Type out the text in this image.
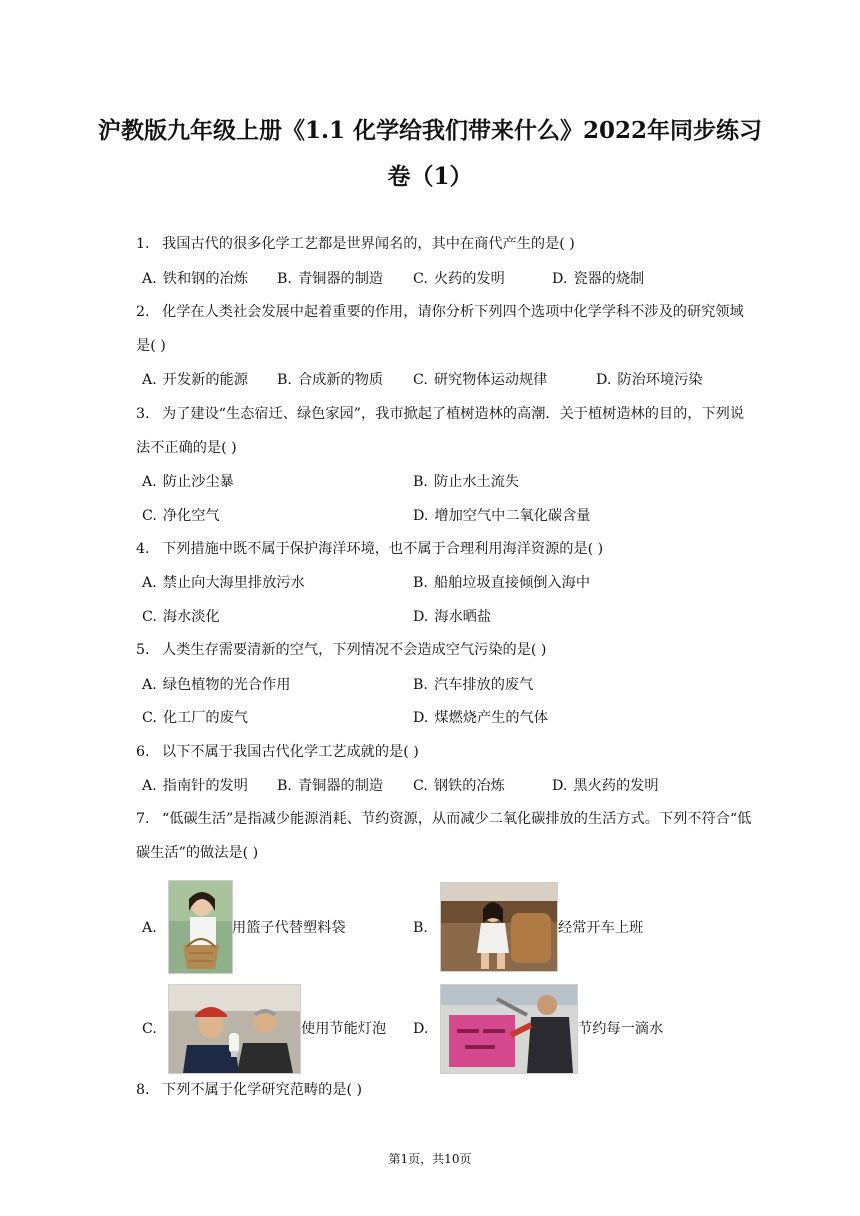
沪教版九年级上册《1.1 化学给我们带来什么》2022年同步练习卷（1）
1. 我国古代的很多化学工艺都是世界闻名的，其中在商代产生的是( )
A. 铁和钢的冶炼 B. 青铜器的制造 C. 火药的发明	D. 瓷器的烧制
2. 化学在人类社会发展中起着重要的作用，请你分析下列四个选项中化学学科不涉及的研究领域是( )
A. 开发新的能源 B. 合成新的物质 C. 研究物体运动规律	D. 防治环境污染
3. 为了建设“生态宿迁、绿色家园”，我市掀起了植树造林的高潮．关于植树造林的目的，下列说法不正确的是( )
A. 防止沙尘暴	B. 防止水土流失
C. 净化空气	D. 增加空气中二氧化碳含量
4. 下列措施中既不属于保护海洋环境，也不属于合理利用海洋资源的是( )
A. 禁止向大海里排放污水	B. 船舶垃圾直接倾倒入海中
C. 海水淡化	D. 海水晒盐
5. 人类生存需要清新的空气，下列情况不会造成空气污染的是( )
A. 绿色植物的光合作用	B. 汽车排放的废气
C. 化工厂的废气	D. 煤燃烧产生的气体
6. 以下不属于我国古代化学工艺成就的是( )
A. 指南针的发明 B. 青铜器的制造 C. 钢铁的冶炼	D. 黑火药的发明
7. “低碳生活”是指减少能源消耗、节约资源，从而减少二氧化碳排放的生活方式。下列不符合“低碳生活”的做法是( )
A.	用篮子代替塑料袋	B.	经常开车上班
C.	使用节能灯泡 D.	节约每一滴水
8. 下列不属于化学研究范畴的是( )
第1页，共10页
